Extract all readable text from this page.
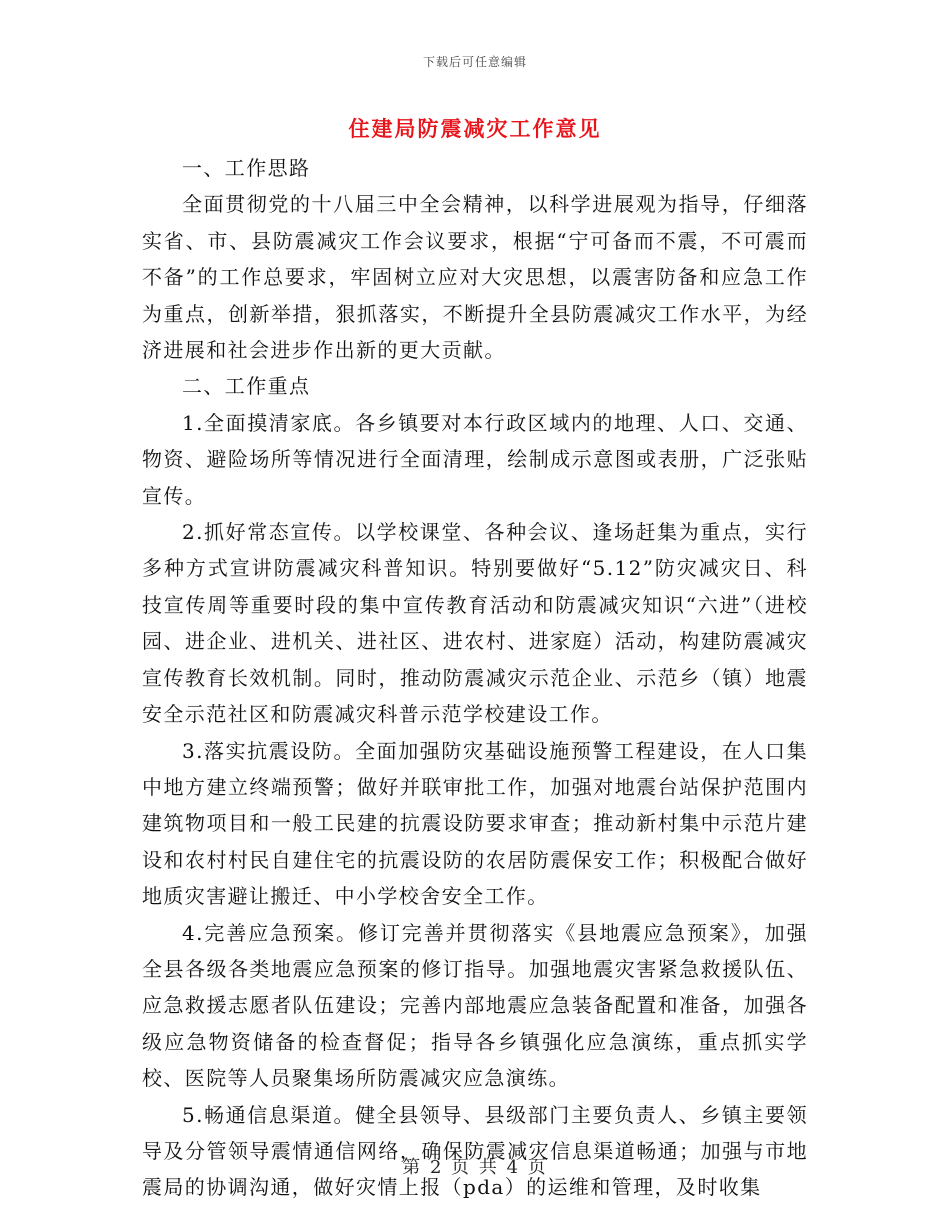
下载后可任意编辑
住建局防震减灾工作意见

一、工作思路

全面贯彻党的十八届三中全会精神，以科学进展观为指导，仔细落实省、市、县防震减灾工作会议要求，根据“宁可备而不震，不可震而不备”的工作总要求，牢固树立应对大灾思想，以震害防备和应急工作为重点，创新举措，狠抓落实，不断提升全县防震减灾工作水平，为经济进展和社会进步作出新的更大贡献。

二、工作重点

1.全面摸清家底。各乡镇要对本行政区域内的地理、人口、交通、物资、避险场所等情况进行全面清理，绘制成示意图或表册，广泛张贴宣传。

2.抓好常态宣传。以学校课堂、各种会议、逢场赶集为重点，实行多种方式宣讲防震减灾科普知识。特别要做好“5.12”防灾减灾日、科技宣传周等重要时段的集中宣传教育活动和防震减灾知识“六进”（进校园、进企业、进机关、进社区、进农村、进家庭）活动，构建防震减灾宣传教育长效机制。同时，推动防震减灾示范企业、示范乡（镇）地震安全示范社区和防震减灾科普示范学校建设工作。

3.落实抗震设防。全面加强防灾基础设施预警工程建设，在人口集中地方建立终端预警；做好并联审批工作，加强对地震台站保护范围内建筑物项目和一般工民建的抗震设防要求审查；推动新村集中示范片建设和农村村民自建住宅的抗震设防的农居防震保安工作；积极配合做好地质灾害避让搬迁、中小学校舍安全工作。

4.完善应急预案。修订完善并贯彻落实《县地震应急预案》，加强全县各级各类地震应急预案的修订指导。加强地震灾害紧急救援队伍、应急救援志愿者队伍建设；完善内部地震应急装备配置和准备，加强各级应急物资储备的检查督促；指导各乡镇强化应急演练，重点抓实学校、医院等人员聚集场所防震减灾应急演练。

5.畅通信息渠道。健全县领导、县级部门主要负责人、乡镇主要领导及分管领导震情通信网络，确保防震减灾信息渠道畅通；加强与市地震局的协调沟通，做好灾情上报（pda）的运维和管理，及时收集

第 2 页 共 4 页
